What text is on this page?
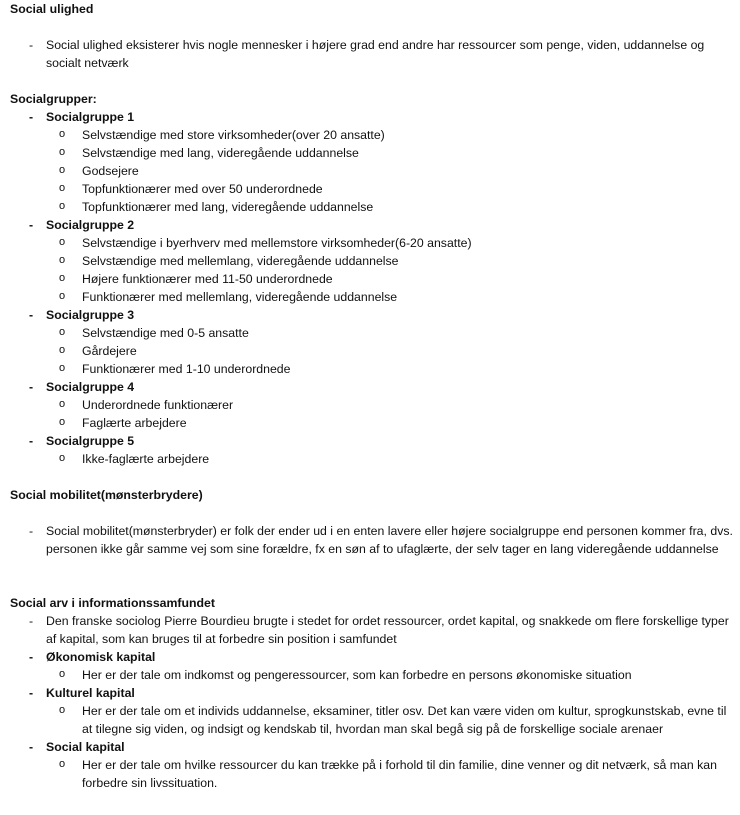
Social ulighed
- Social ulighed eksisterer hvis nogle mennesker i højere grad end andre har ressourcer som penge, viden, uddannelse og socialt netværk
Socialgrupper:
- Socialgruppe 1
o Selvstændige med store virksomheder(over 20 ansatte)
o Selvstændige med lang, videregående uddannelse
o Godsejere
o Topfunktionærer med over 50 underordnede
o Topfunktionærer med lang, videregående uddannelse
- Socialgruppe 2
o Selvstændige i byerhverv med mellemstore virksomheder(6-20 ansatte)
o Selvstændige med mellemlang, videregående uddannelse
o Højere funktionærer med 11-50 underordnede
o Funktionærer med mellemlang, videregående uddannelse
- Socialgruppe 3
o Selvstændige med 0-5 ansatte
o Gårdejere
o Funktionærer med 1-10 underordnede
- Socialgruppe 4
o Underordnede funktionærer
o Faglærte arbejdere
- Socialgruppe 5
o Ikke-faglærte arbejdere
Social mobilitet(mønsterbrydere)
- Social mobilitet(mønsterbryder) er folk der ender ud i en enten lavere eller højere socialgruppe end personen kommer fra, dvs. personen ikke går samme vej som sine forældre, fx en søn af to ufaglærte, der selv tager en lang videregående uddannelse
Social arv i informationssamfundet
- Den franske sociolog Pierre Bourdieu brugte i stedet for ordet ressourcer, ordet kapital, og snakkede om flere forskellige typer af kapital, som kan bruges til at forbedre sin position i samfundet
- Økonomisk kapital
o Her er der tale om indkomst og pengeressourcer, som kan forbedre en persons økonomiske situation
- Kulturel kapital
o Her er der tale om et individs uddannelse, eksaminer, titler osv. Det kan være viden om kultur, sprogkunstskab, evne til at tilegne sig viden, og indsigt og kendskab til, hvordan man skal begå sig på de forskellige sociale arenaer
- Social kapital
o Her er der tale om hvilke ressourcer du kan trække på i forhold til din familie, dine venner og dit netværk, så man kan forbedre sin livssituation.
